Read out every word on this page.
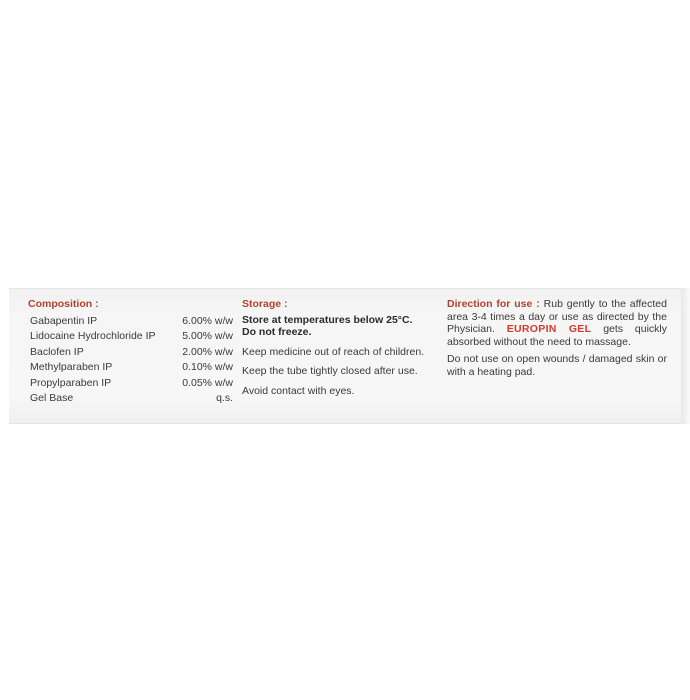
Composition :
Gabapentin IP	6.00% w/w
Lidocaine Hydrochloride IP	5.00% w/w
Baclofen IP	2.00% w/w
Methylparaben IP	0.10% w/w
Propylparaben IP	0.05% w/w
Gel Base	q.s.
Storage :
Store at temperatures below 25°C.
Do not freeze.
Keep medicine out of reach of children.
Keep the tube tightly closed after use.
Avoid contact with eyes.
Direction for use : Rub gently to the affected area 3-4 times a day or use as directed by the Physician. EUROPIN GEL gets quickly absorbed without the need to massage.
Do not use on open wounds / damaged skin or with a heating pad.
